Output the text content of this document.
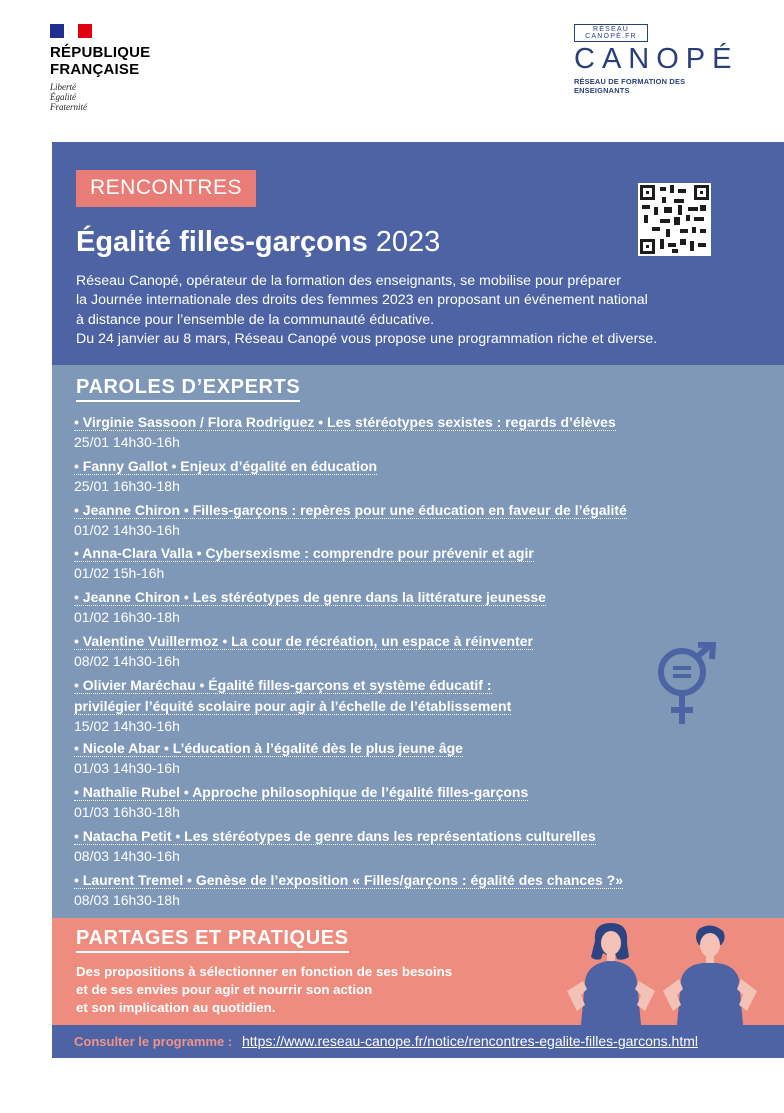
RÉPUBLIQUE
FRANÇAISE
Liberté
Égalité
Fraternité
RÉSEAU CANOPÉ.FR
CANOPÉ
RÉSEAU DE FORMATION DES ENSEIGNANTS
RENCONTRES
Égalité filles-garçons 2023
Réseau Canopé, opérateur de la formation des enseignants, se mobilise pour préparer
la Journée internationale des droits des femmes 2023 en proposant un événement national
à distance pour l’ensemble de la communauté éducative.
Du 24 janvier au 8 mars, Réseau Canopé vous propose une programmation riche et diverse.
PAROLES D’EXPERTS
• Virginie Sassoon / Flora Rodriguez • Les stéréotypes sexistes : regards d’élèves
25/01 14h30-16h
• Fanny Gallot • Enjeux d’égalité en éducation
25/01 16h30-18h
• Jeanne Chiron • Filles-garçons : repères pour une éducation en faveur de l’égalité
01/02 14h30-16h
• Anna-Clara Valla • Cybersexisme : comprendre pour prévenir et agir
01/02 15h-16h
• Jeanne Chiron • Les stéréotypes de genre dans la littérature jeunesse
01/02 16h30-18h
• Valentine Vuillermoz • La cour de récréation, un espace à réinventer
08/02 14h30-16h
• Olivier Maréchau • Égalité filles-garçons et système éducatif :
privilégier l’équité scolaire pour agir à l’échelle de l’établissement
15/02 14h30-16h
• Nicole Abar • L’éducation à l’égalité dès le plus jeune âge
01/03 14h30-16h
• Nathalie Rubel • Approche philosophique de l’égalité filles-garçons
01/03 16h30-18h
• Natacha Petit • Les stéréotypes de genre dans les représentations culturelles
08/03 14h30-16h
• Laurent Tremel • Genèse de l’exposition « Filles/garçons : égalité des chances ?»
08/03 16h30-18h
PARTAGES ET PRATIQUES
Des propositions à sélectionner en fonction de ses besoins
et de ses envies pour agir et nourrir son action
et son implication au quotidien.
Consulter le programme : https://www.reseau-canope.fr/notice/rencontres-egalite-filles-garcons.html
